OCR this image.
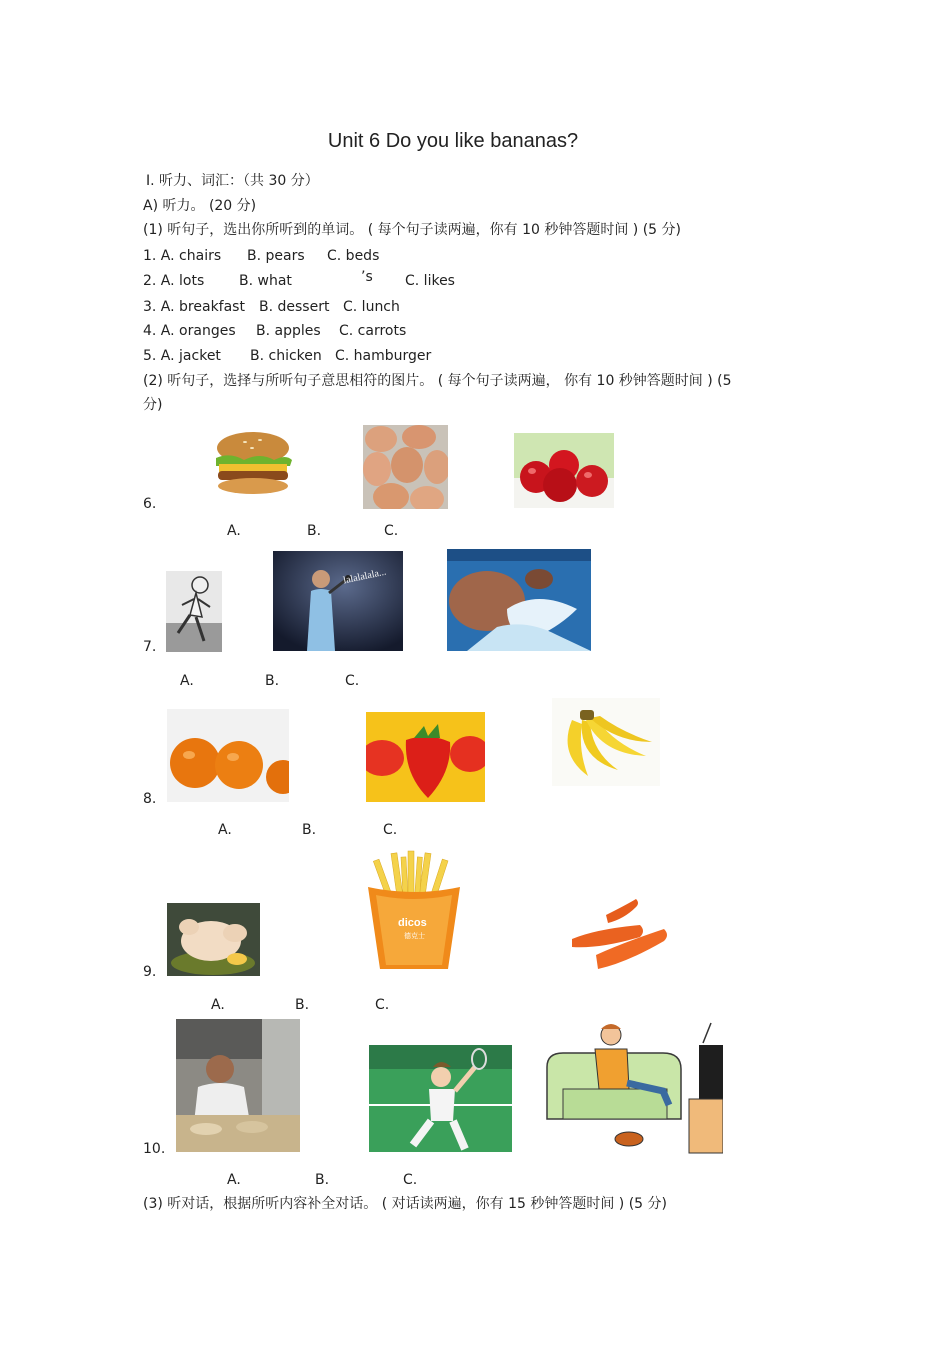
Unit 6 Do you like bananas?
Ⅰ. 听力、词汇：（共 30 分）
A) 听力。 (20 分)
(1) 听句子，选出你所听到的单词。 ( 每个句子读两遍，你有 10 秒钟答题时间 ) (5 分)
1. A. chairs B. pears C. beds
2. A. lots B. what	’s C. likes
3. A. breakfast B. dessert C. lunch
4. A. oranges B. apples C. carrots
5. A. jacket B. chicken C. hamburger
(2) 听句子，选择与所听句子意思相符的图片。 ( 每个句子读两遍， 你有 10 秒钟答题时间 ) (5
分)
6.
A.	B.	C.
7.
lalalalala...
A.	B.	C.
8.
A.	B.	C.
9.
dicos
德克士
A.	B.	C.
10.
A.	B.	C.
(3) 听对话，根据所听内容补全对话。 ( 对话读两遍，你有 15 秒钟答题时间 ) (5 分)
